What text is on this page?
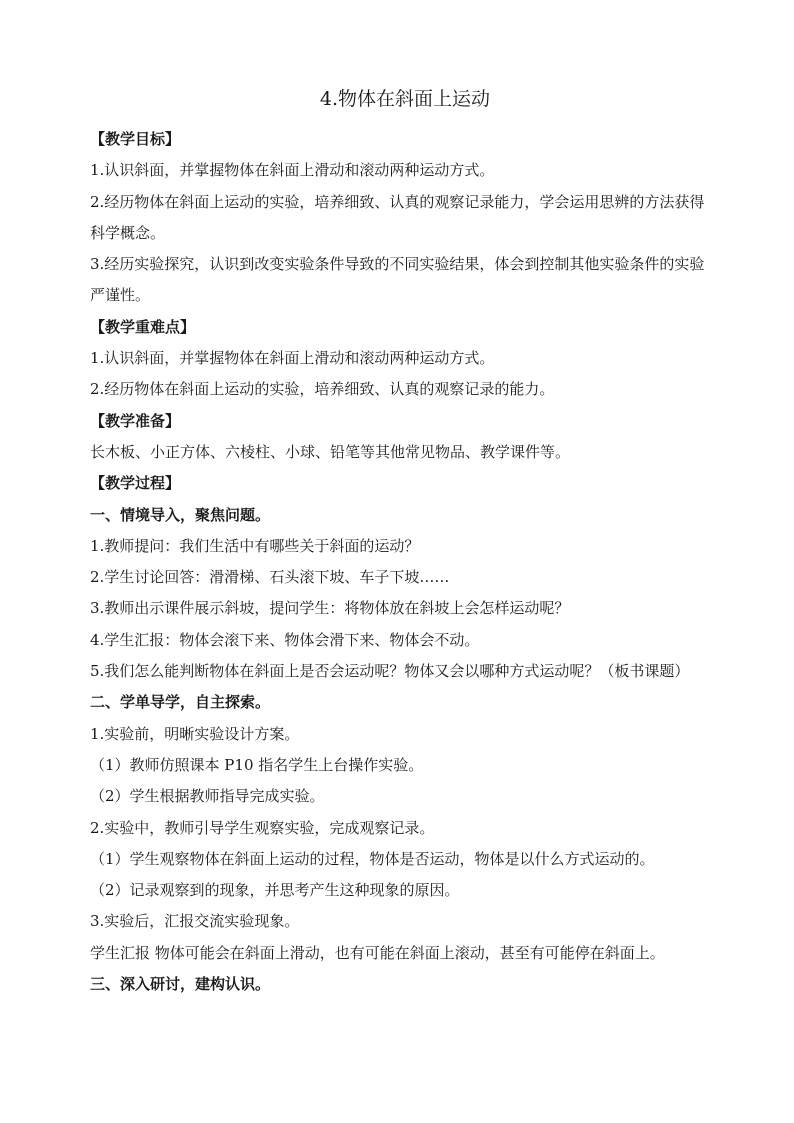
4.物体在斜面上运动

【教学目标】

1.认识斜面，并掌握物体在斜面上滑动和滚动两种运动方式。

2.经历物体在斜面上运动的实验，培养细致、认真的观察记录能力，学会运用思辨的方法获得科学概念。

3.经历实验探究，认识到改变实验条件导致的不同实验结果，体会到控制其他实验条件的实验严谨性。

【教学重难点】

1.认识斜面，并掌握物体在斜面上滑动和滚动两种运动方式。

2.经历物体在斜面上运动的实验，培养细致、认真的观察记录的能力。

【教学准备】

长木板、小正方体、六棱柱、小球、铅笔等其他常见物品、教学课件等。

【教学过程】

一、情境导入，聚焦问题。

1.教师提问：我们生活中有哪些关于斜面的运动？

2.学生讨论回答：滑滑梯、石头滚下坡、车子下坡……

3.教师出示课件展示斜坡，提问学生：将物体放在斜坡上会怎样运动呢？

4.学生汇报：物体会滚下来、物体会滑下来、物体会不动。

5.我们怎么能判断物体在斜面上是否会运动呢？物体又会以哪种方式运动呢？（板书课题）

二、学单导学，自主探索。

1.实验前，明晰实验设计方案。

（1）教师仿照课本 P10 指名学生上台操作实验。

（2）学生根据教师指导完成实验。

2.实验中，教师引导学生观察实验，完成观察记录。

（1）学生观察物体在斜面上运动的过程，物体是否运动，物体是以什么方式运动的。

（2）记录观察到的现象，并思考产生这种现象的原因。

3.实验后，汇报交流实验现象。

学生汇报 物体可能会在斜面上滑动，也有可能在斜面上滚动，甚至有可能停在斜面上。

三、深入研讨，建构认识。
